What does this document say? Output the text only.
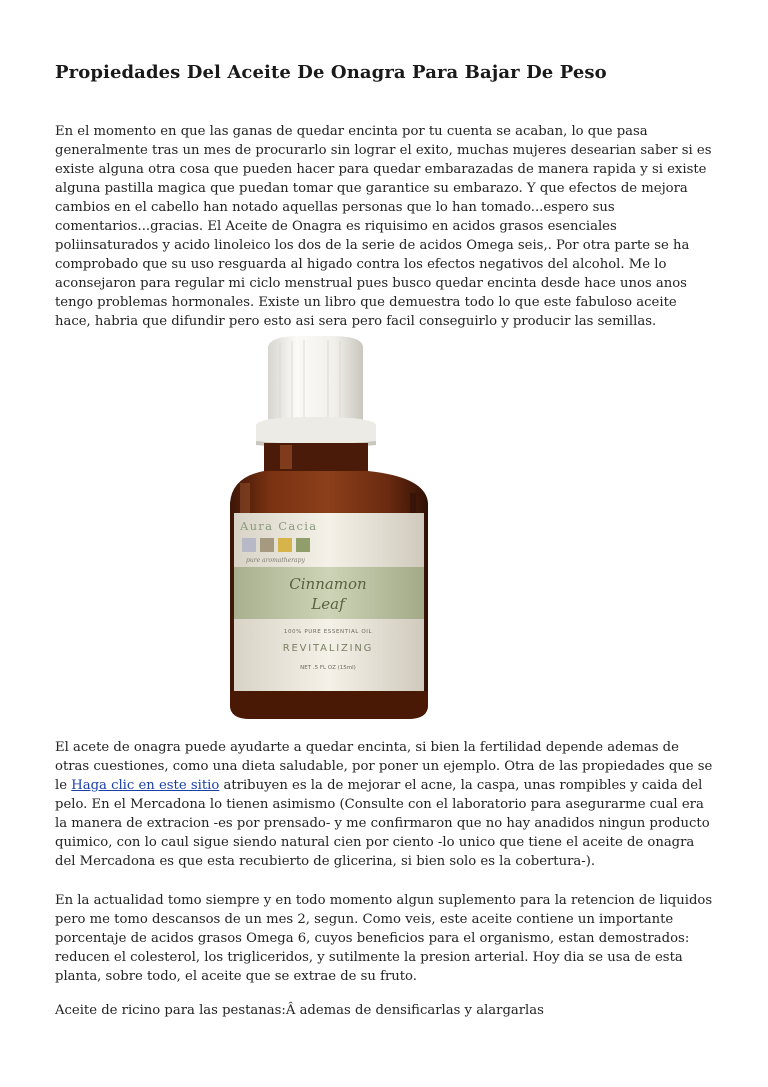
Propiedades Del Aceite De Onagra Para Bajar De Peso

En el momento en que las ganas de quedar encinta por tu cuenta se acaban, lo que pasa generalmente tras un mes de procurarlo sin lograr el exito, muchas mujeres desearian saber si es existe alguna otra cosa que pueden hacer para quedar embarazadas de manera rapida y si existe alguna pastilla magica que puedan tomar que garantice su embarazo. Y que efectos de mejora cambios en el cabello han notado aquellas personas que lo han tomado...espero sus comentarios...gracias. El Aceite de Onagra es riquisimo en acidos grasos esenciales poliinsaturados y acido linoleico los dos de la serie de acidos Omega seis,. Por otra parte se ha comprobado que su uso resguarda al higado contra los efectos negativos del alcohol. Me lo aconsejaron para regular mi ciclo menstrual pues busco quedar encinta desde hace unos anos tengo problemas hormonales. Existe un libro que demuestra todo lo que este fabuloso aceite hace, habria que difundir pero esto asi sera pero facil conseguirlo y producir las semillas.

Aura Cacia
pure aromatherapy
Cinnamon
Leaf
100% PURE ESSENTIAL OIL
REVITALIZING
NET .5 FL OZ (15ml)

El acete de onagra puede ayudarte a quedar encinta, si bien la fertilidad depende ademas de otras cuestiones, como una dieta saludable, por poner un ejemplo. Otra de las propiedades que se le Haga clic en este sitio atribuyen es la de mejorar el acne, la caspa, unas rompibles y caida del pelo. En el Mercadona lo tienen asimismo (Consulte con el laboratorio para asegurarme cual era la manera de extracion -es por prensado- y me confirmaron que no hay anadidos ningun producto quimico, con lo caul sigue siendo natural cien por ciento -lo unico que tiene el aceite de onagra del Mercadona es que esta recubierto de glicerina, si bien solo es la cobertura-).

En la actualidad tomo siempre y en todo momento algun suplemento para la retencion de liquidos pero me tomo descansos de un mes 2, segun. Como veis, este aceite contiene un importante porcentaje de acidos grasos Omega 6, cuyos beneficios para el organismo, estan demostrados: reducen el colesterol, los trigliceridos, y sutilmente la presion arterial. Hoy dia se usa de esta planta, sobre todo, el aceite que se extrae de su fruto.

Aceite de ricino para las pestanas:Â ademas de densificarlas y alargarlas
